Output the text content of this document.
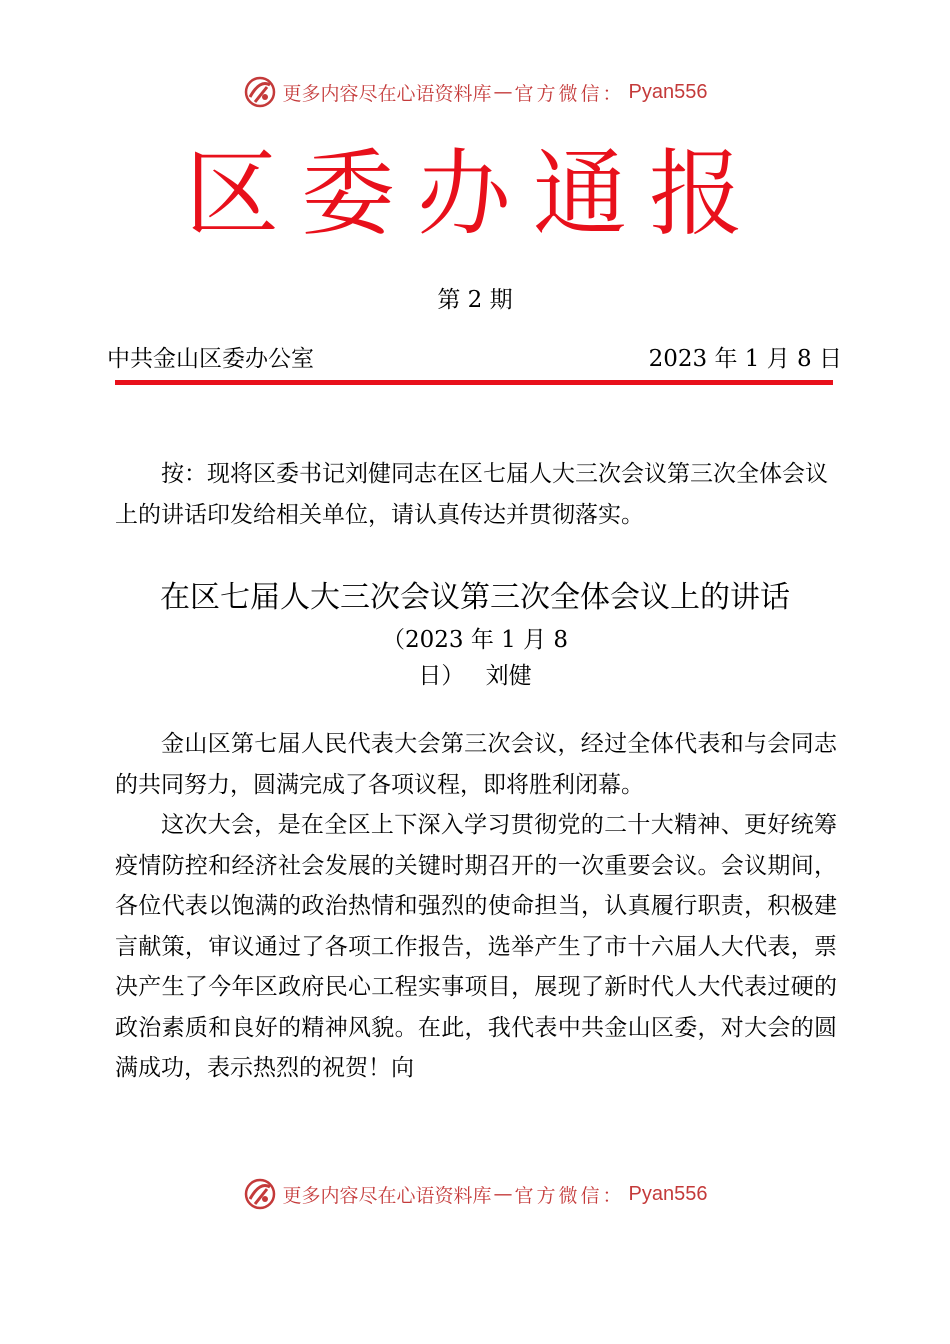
更多内容尽在心语资料库 — 官方微信： Pyan556
区委办通报
第 2 期
中共金山区委办公室	2023 年 1 月 8 日

按：现将区委书记刘健同志在区七届人大三次会议第三次全体会议上的讲话印发给相关单位，请认真传达并贯彻落实。

在区七届人大三次会议第三次全体会议上的讲话
（2023 年 1 月 8
日） 刘健

金山区第七届人民代表大会第三次会议，经过全体代表和与会同志的共同努力，圆满完成了各项议程，即将胜利闭幕。

这次大会，是在全区上下深入学习贯彻党的二十大精神、更好统筹疫情防控和经济社会发展的关键时期召开的一次重要会议。会议期间，各位代表以饱满的政治热情和强烈的使命担当，认真履行职责，积极建言献策，审议通过了各项工作报告，选举产生了市十六届人大代表，票决产生了今年区政府民心工程实事项目，展现了新时代人大代表过硬的政治素质和良好的精神风貌。在此，我代表中共金山区委，对大会的圆满成功，表示热烈的祝贺！向

更多内容尽在心语资料库 — 官方微信： Pyan556
